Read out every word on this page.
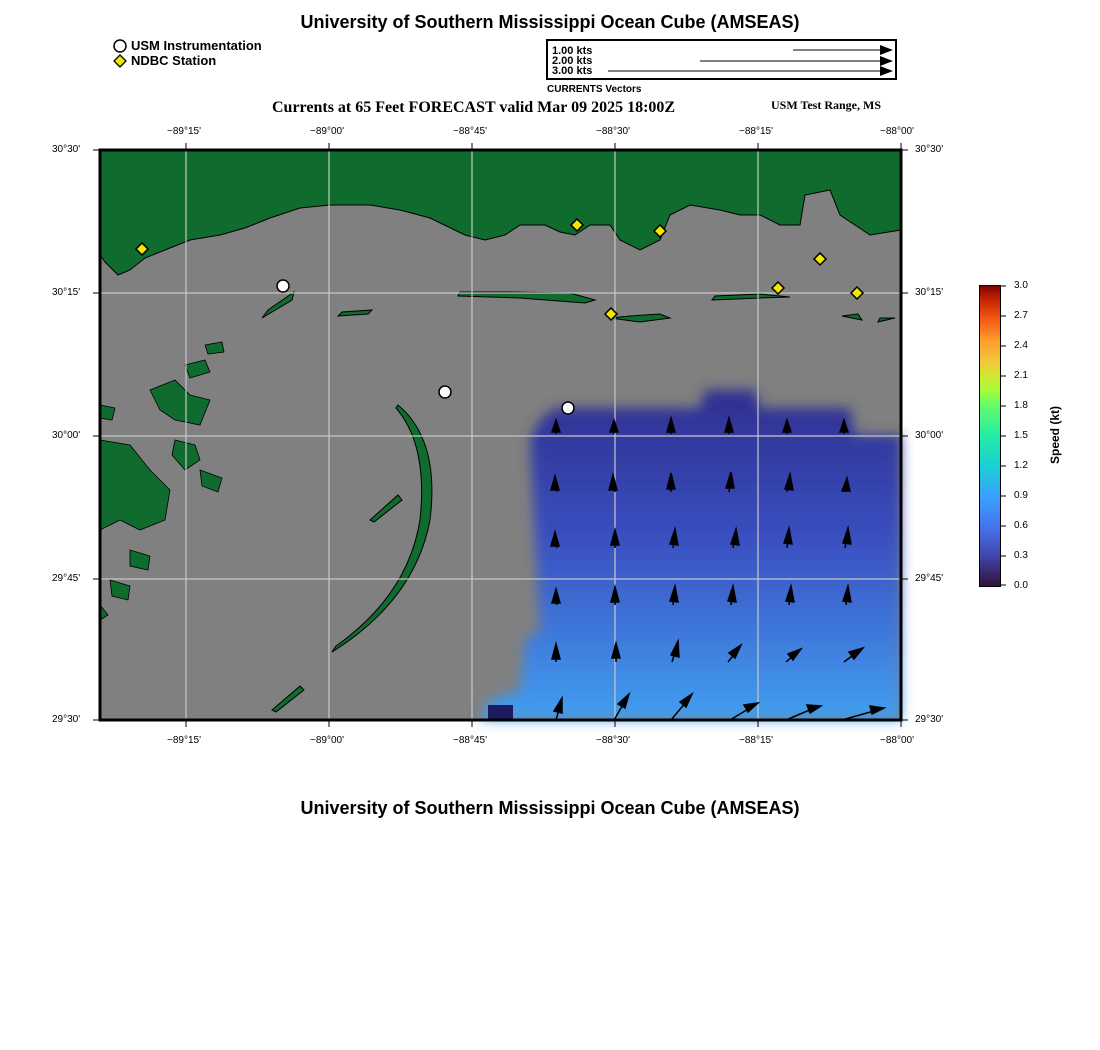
University of Southern Mississippi Ocean Cube (AMSEAS)
USM Instrumentation
NDBC Station
1.00 kts
2.00 kts
3.00 kts
CURRENTS Vectors
Currents at 65 Feet FORECAST valid Mar 09 2025 18:00Z	USM Test Range, MS
−89°15'	−89°00'	−88°45'	−88°30'	−88°15'	−88°00'
−89°15'	−89°00'	−88°45'	−88°30'	−88°15'	−88°00'
30°30'
30°15'
30°00'
29°45'
29°30'
30°30'
30°15'
30°00'
29°45'
29°30'
3.0
2.7
2.4
2.1
1.8
1.5
1.2
0.9
0.6
0.3
0.0
Speed (kt)
University of Southern Mississippi Ocean Cube (AMSEAS)
